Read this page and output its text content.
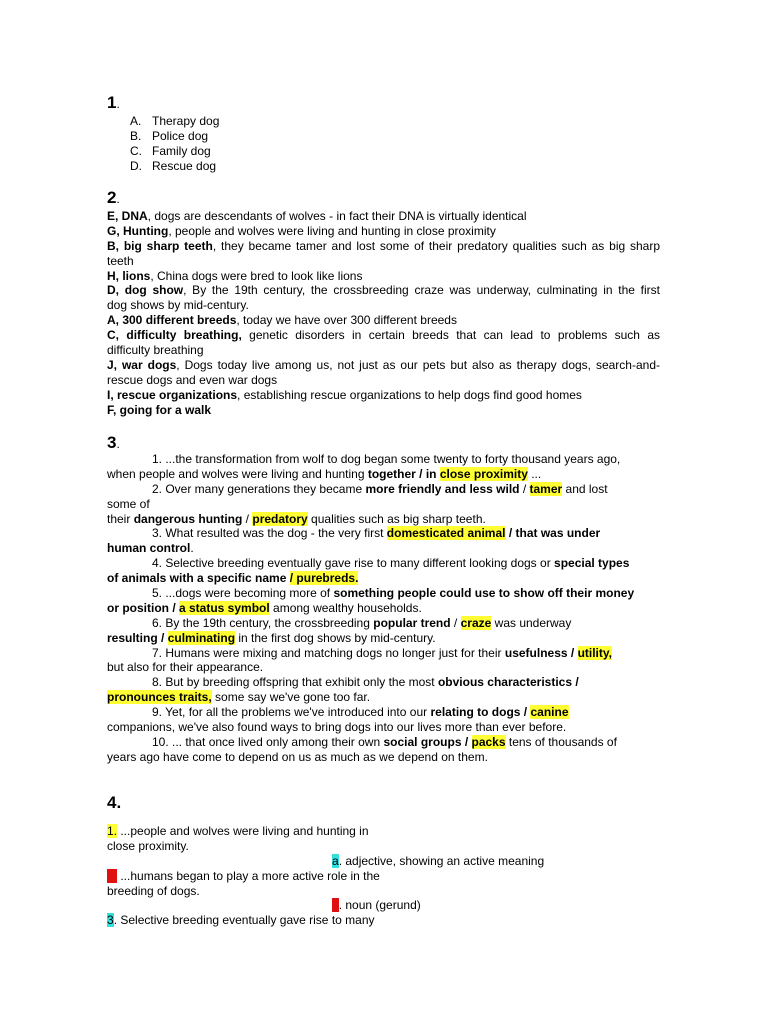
1.
A. Therapy dog
B. Police dog
C. Family dog
D. Rescue dog
2.
E, DNA, dogs are descendants of wolves - in fact their DNA is virtually identical
G, Hunting, people and wolves were living and hunting in close proximity
B, big sharp teeth, they became tamer and lost some of their predatory qualities such as big sharp
teeth
H, lions, China dogs were bred to look like lions
D, dog show, By the 19th century, the crossbreeding craze was underway, culminating in the first
dog shows by mid-century.
A, 300 different breeds, today we have over 300 different breeds
C, difficulty breathing, genetic disorders in certain breeds that can lead to problems such as
difficulty breathing
J, war dogs, Dogs today live among us, not just as our pets but also as therapy dogs, search-and-
rescue dogs and even war dogs
I, rescue organizations, establishing rescue organizations to help dogs find good homes
F, going for a walk
3.
1. ...the transformation from wolf to dog began some twenty to forty thousand years ago,
when people and wolves were living and hunting together / in close proximity ...
2. Over many generations they became more friendly and less wild / tamer and lost
some of
their dangerous hunting / predatory qualities such as big sharp teeth.
3. What resulted was the dog - the very first domesticated animal / that was under
human control.
4. Selective breeding eventually gave rise to many different looking dogs or special types
of animals with a specific name / purebreds.
5. ...dogs were becoming more of something people could use to show off their money
or position / a status symbol among wealthy households.
6. By the 19th century, the crossbreeding popular trend / craze was underway
resulting / culminating in the first dog shows by mid-century.
7. Humans were mixing and matching dogs no longer just for their usefulness / utility,
but also for their appearance.
8. But by breeding offspring that exhibit only the most obvious characteristics /
pronounces traits, some say we've gone too far.
9. Yet, for all the problems we've introduced into our relating to dogs / canine
companions, we've also found ways to bring dogs into our lives more than ever before.
10. ... that once lived only among their own social groups / packs tens of thousands of
years ago have come to depend on us as much as we depend on them.
4.
1. ...people and wolves were living and hunting in
close proximity.
a. adjective, showing an active meaning
2. ...humans began to play a more active role in the
breeding of dogs.
b. noun (gerund)
3. Selective breeding eventually gave rise to many
